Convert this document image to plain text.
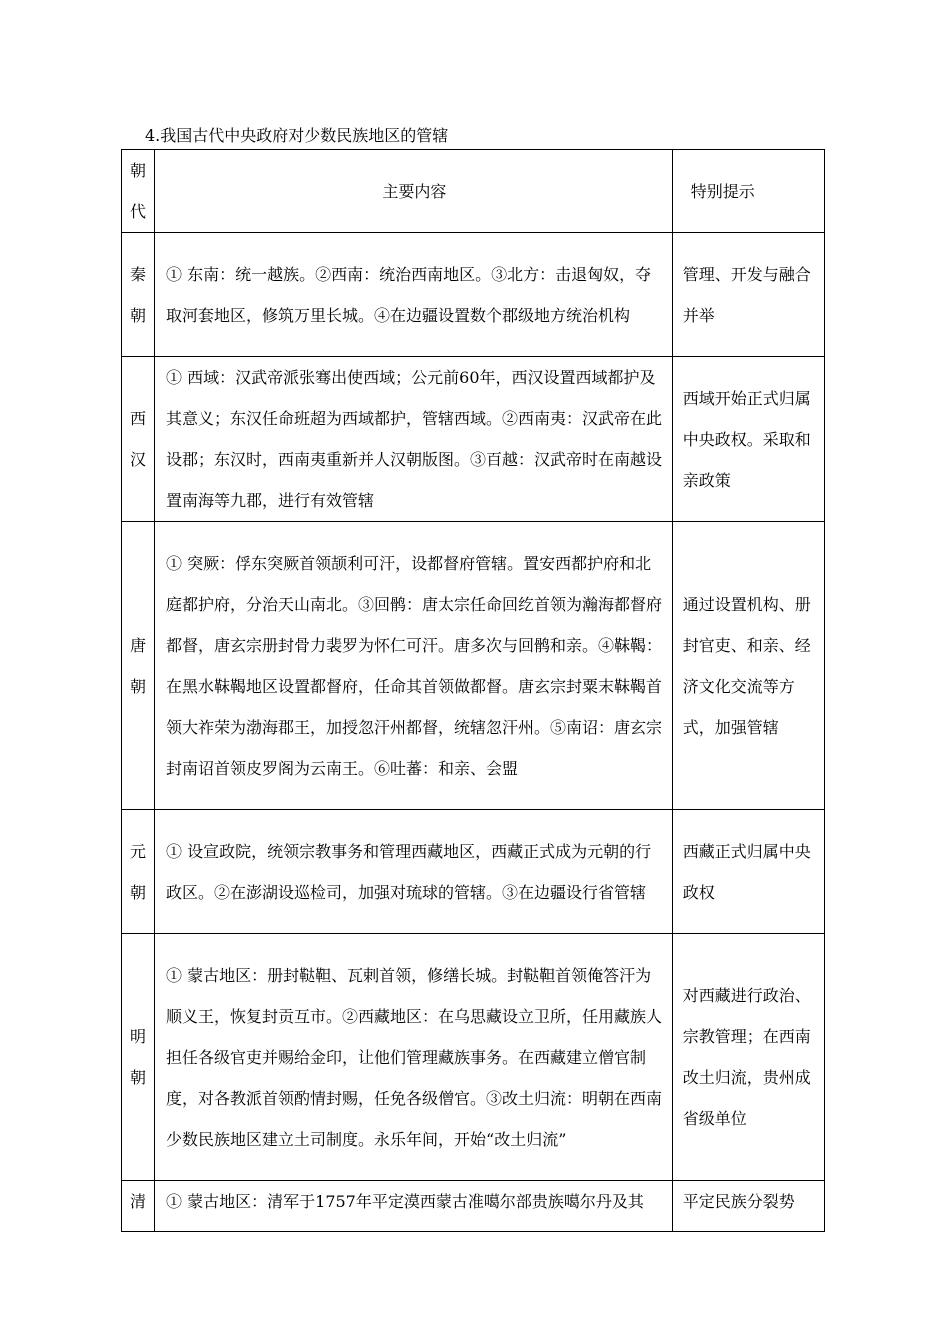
4.我国古代中央政府对少数民族地区的管辖
朝
代	主要内容	特别提示

秦
朝	① 东南：统一越族。②西南：统治西南地区。③北方：击退匈奴，夺取河套地区，修筑万里长城。④在边疆设置数个郡级地方统治机构	管理、开发与融合并举

西
汉	① 西域：汉武帝派张骞出使西域；公元前60年，西汉设置西域都护及其意义；东汉任命班超为西域都护，管辖西域。②西南夷：汉武帝在此设郡；东汉时，西南夷重新并人汉朝版图。③百越：汉武帝时在南越设置南海等九郡，进行有效管辖	西域开始正式归属中央政权。采取和亲政策

唐
朝	① 突厥：俘东突厥首领颉利可汗，设都督府管辖。置安西都护府和北庭都护府，分治天山南北。③回鹘：唐太宗任命回纥首领为瀚海都督府都督，唐玄宗册封骨力裴罗为怀仁可汗。唐多次与回鹘和亲。④靺鞨：在黑水靺鞨地区设置都督府，任命其首领做都督。唐玄宗封粟末靺鞨首领大祚荣为渤海郡王，加授忽汗州都督，统辖忽汗州。⑤南诏：唐玄宗封南诏首领皮罗阁为云南王。⑥吐蕃：和亲、会盟	通过设置机构、册封官吏、和亲、经济文化交流等方式，加强管辖

元
朝	① 设宣政院，统领宗教事务和管理西藏地区，西藏正式成为元朝的行政区。②在澎湖设巡检司，加强对琉球的管辖。③在边疆设行省管辖	西藏正式归属中央政权

明
朝	① 蒙古地区：册封鞑靼、瓦剌首领，修缮长城。封鞑靼首领俺答汗为顺义王，恢复封贡互市。②西藏地区：在乌思藏设立卫所，任用藏族人担任各级官吏并赐给金印，让他们管理藏族事务。在西藏建立僧官制度，对各教派首领酌情封赐，任免各级僧官。③改土归流：明朝在西南少数民族地区建立土司制度。永乐年间，开始“改土归流”	对西藏进行政治、宗教管理；在西南改土归流，贵州成省级单位

清	① 蒙古地区：清军于1757年平定漠西蒙古准噶尔部贵族噶尔丹及其	平定民族分裂势
